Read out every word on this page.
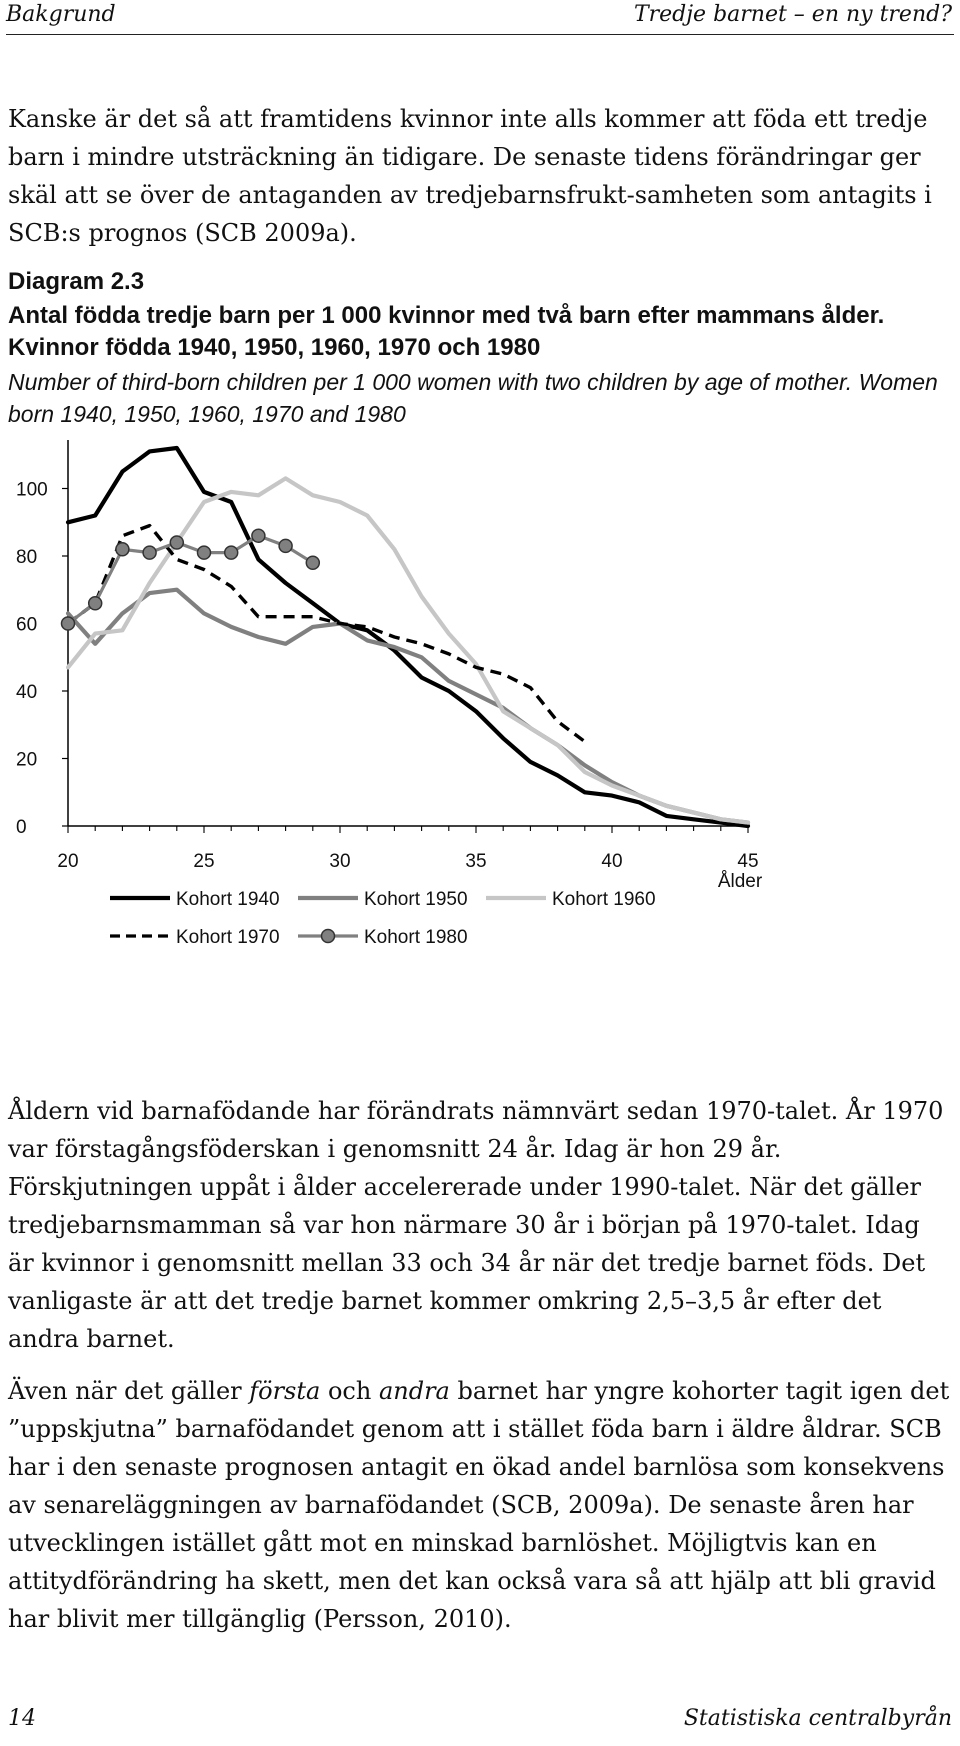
Bakgrund	Tredje barnet – en ny trend?

Kanske är det så att framtidens kvinnor inte alls kommer att föda ett tredje barn i mindre utsträckning än tidigare. De senaste tidens förändringar ger skäl att se över de antaganden av tredjebarnsfrukt-samheten som antagits i SCB:s prognos (SCB 2009a).

Diagram 2.3
Antal födda tredje barn per 1 000 kvinnor med två barn efter mammans ålder. Kvinnor födda 1940, 1950, 1960, 1970 och 1980
Number of third-born children per 1 000 women with two children by age of mother. Women born 1940, 1950, 1960, 1970 and 1980
0
20
40
60
80
100
20	25	30	35	40	45
Ålder
Kohort 1940	Kohort 1950	Kohort 1960
Kohort 1970	Kohort 1980

Åldern vid barnafödande har förändrats nämnvärt sedan 1970-talet. År 1970 var förstagångsföderskan i genomsnitt 24 år. Idag är hon 29 år. Förskjutningen uppåt i ålder accelererade under 1990-talet. När det gäller tredjebarnsmamman så var hon närmare 30 år i början på 1970-talet. Idag är kvinnor i genomsnitt mellan 33 och 34 år när det tredje barnet föds. Det vanligaste är att det tredje barnet kommer omkring 2,5–3,5 år efter det andra barnet.

Även när det gäller första och andra barnet har yngre kohorter tagit igen det ”uppskjutna” barnafödandet genom att i stället föda barn i äldre åldrar. SCB har i den senaste prognosen antagit en ökad andel barnlösa som konsekvens av senareläggningen av barnafödandet (SCB, 2009a). De senaste åren har utvecklingen istället gått mot en minskad barnlöshet. Möjligtvis kan en attitydförändring ha skett, men det kan också vara så att hjälp att bli gravid har blivit mer tillgänglig (Persson, 2010).

14	Statistiska centralbyrån
